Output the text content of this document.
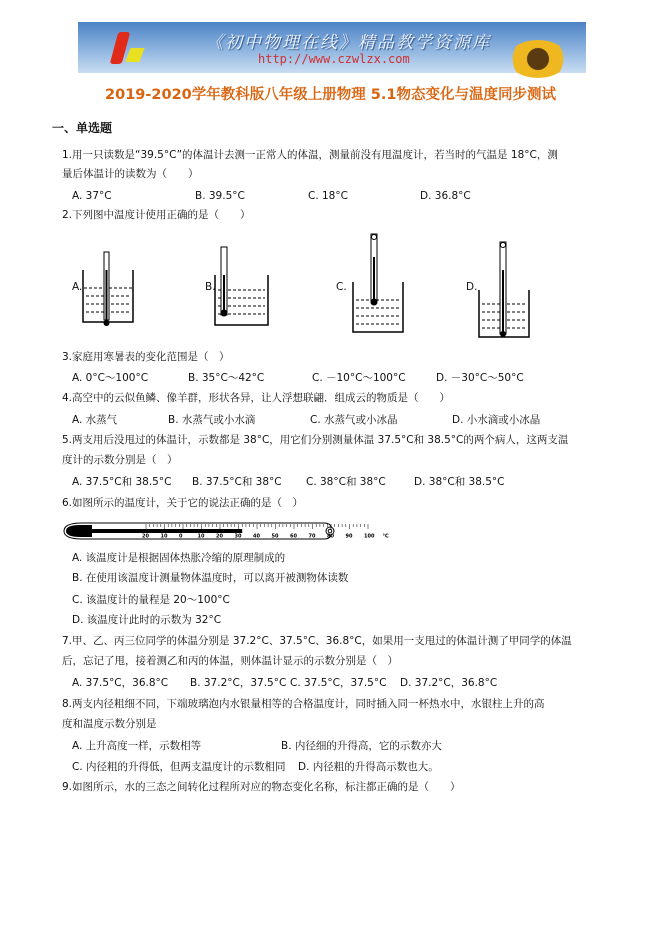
《初中物理在线》精品教学资源库
http://www.czwlzx.com
2019-2020学年教科版八年级上册物理 5.1物态变化与温度同步测试
一、单选题
1.用一只读数是“39.5°C”的体温计去测一正常人的体温，测量前没有甩温度计，若当时的气温是 18°C，测
量后体温计的读数为（　　）
A. 37°C	B. 39.5°C	C. 18°C	D. 36.8°C
2.下列图中温度计使用正确的是（　　）
A.	B.	C.	D.
3.家庭用寒暑表的变化范围是（　）
A. 0°C～100°C	B. 35°C～42°C	C. －10°C～100°C	D. －30°C～50°C
4.高空中的云似鱼鳞、像羊群，形状各异，让人浮想联翩．组成云的物质是（　　）
A. 水蒸气	B. 水蒸气或小水滴	C. 水蒸气或小冰晶	D. 小水滴或小冰晶
5.两支用后没甩过的体温计，示数都是 38°C，用它们分别测量体温 37.5°C和 38.5°C的两个病人，这两支温
度计的示数分别是（　）
A. 37.5°C和 38.5°C B. 37.5°C和 38°C C. 38°C和 38°C	D. 38°C和 38.5°C
6.如图所示的温度计，关于它的说法正确的是（　）
20 10 0	10 20 30 40 50 60 70 80 90 100 °C
A. 该温度计是根据固体热胀冷缩的原理制成的
B. 在使用该温度计测量物体温度时，可以离开被测物体读数
C. 该温度计的量程是 20～100°C
D. 该温度计此时的示数为 32°C
7.甲、乙、丙三位同学的体温分别是 37.2°C、37.5°C、36.8°C，如果用一支甩过的体温计测了甲同学的体温
后，忘记了甩，接着测乙和丙的体温，则体温计显示的示数分别是（　）
A. 37.5°C，36.8°C B. 37.2°C，37.5°C C. 37.5°C，37.5°C D. 37.2°C，36.8°C
8.两支内径粗细不同，下端玻璃泡内水银量相等的合格温度计，同时插入同一杯热水中，水银柱上升的高
度和温度示数分别是
A. 上升高度一样，示数相等	B. 内径细的升得高，它的示数亦大
C. 内径粗的升得低，但两支温度计的示数相同 D. 内径粗的升得高示数也大。
9.如图所示，水的三态之间转化过程所对应的物态变化名称，标注都正确的是（　　）
